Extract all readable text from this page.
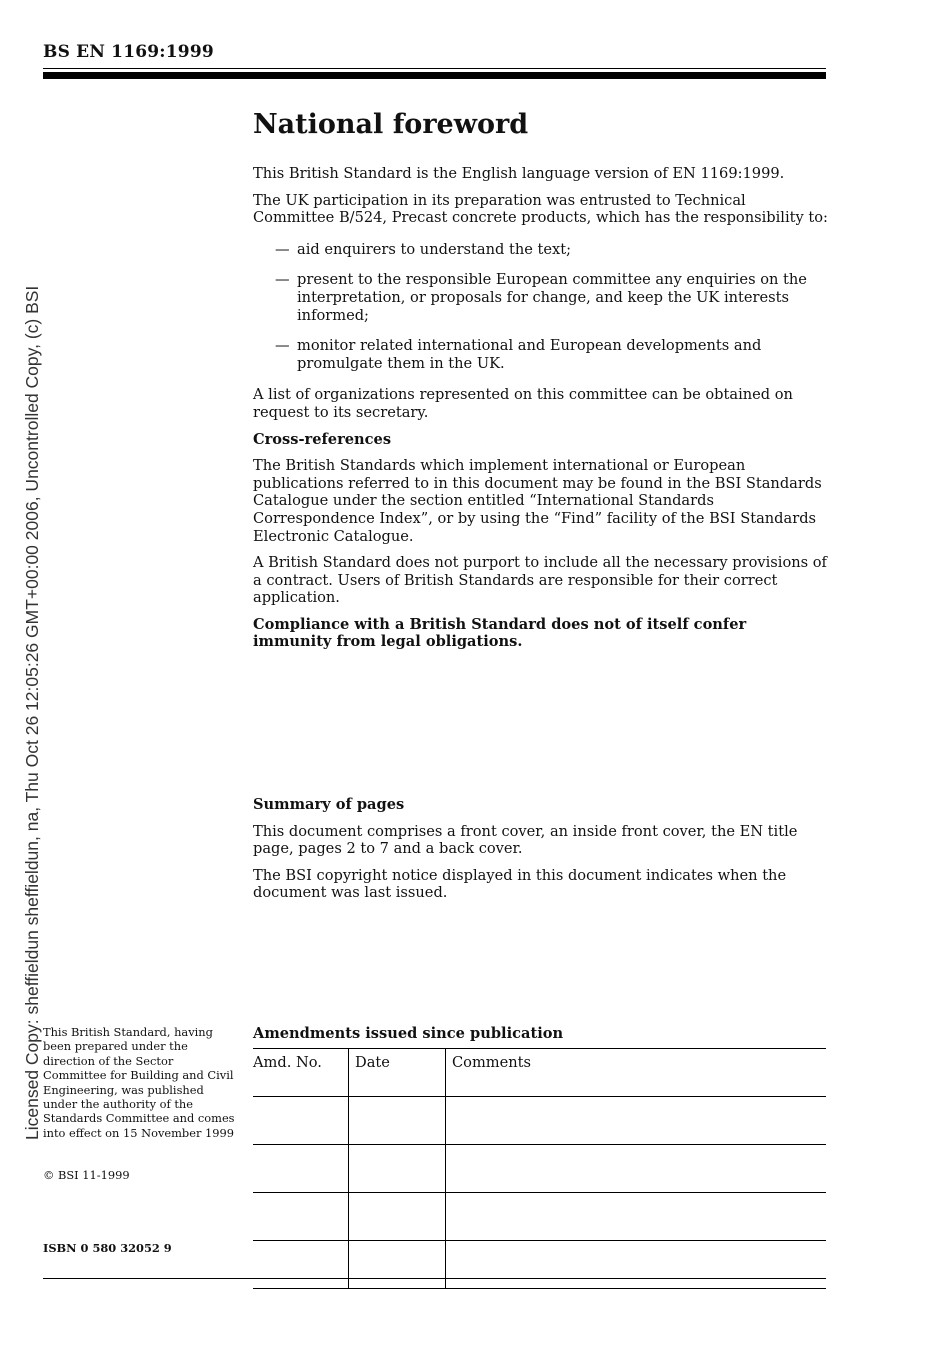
BS EN 1169:1999
Licensed Copy: sheffieldun sheffieldun, na, Thu Oct 26 12:05:26 GMT+00:00 2006, Uncontrolled Copy, (c) BSI
National foreword

This British Standard is the English language version of EN 1169:1999.

The UK participation in its preparation was entrusted to Technical Committee B/524, Precast concrete products, which has the responsibility to:

— aid enquirers to understand the text;
— present to the responsible European committee any enquiries on the interpretation, or proposals for change, and keep the UK interests informed;
— monitor related international and European developments and promulgate them in the UK.

A list of organizations represented on this committee can be obtained on request to its secretary.

Cross-references

The British Standards which implement international or European publications referred to in this document may be found in the BSI Standards Catalogue under the section entitled “International Standards Correspondence Index”, or by using the “Find” facility of the BSI Standards Electronic Catalogue.

A British Standard does not purport to include all the necessary provisions of a contract. Users of British Standards are responsible for their correct application.

Compliance with a British Standard does not of itself confer immunity from legal obligations.

Summary of pages

This document comprises a front cover, an inside front cover, the EN title page, pages 2 to 7 and a back cover.

The BSI copyright notice displayed in this document indicates when the document was last issued.

This British Standard, having been prepared under the direction of the Sector Committee for Building and Civil Engineering, was published under the authority of the Standards Committee and comes into effect on 15 November 1999
© BSI 11-1999
ISBN 0 580 32052 9
Amendments issued since publication
Amd. No.	Date	Comments
